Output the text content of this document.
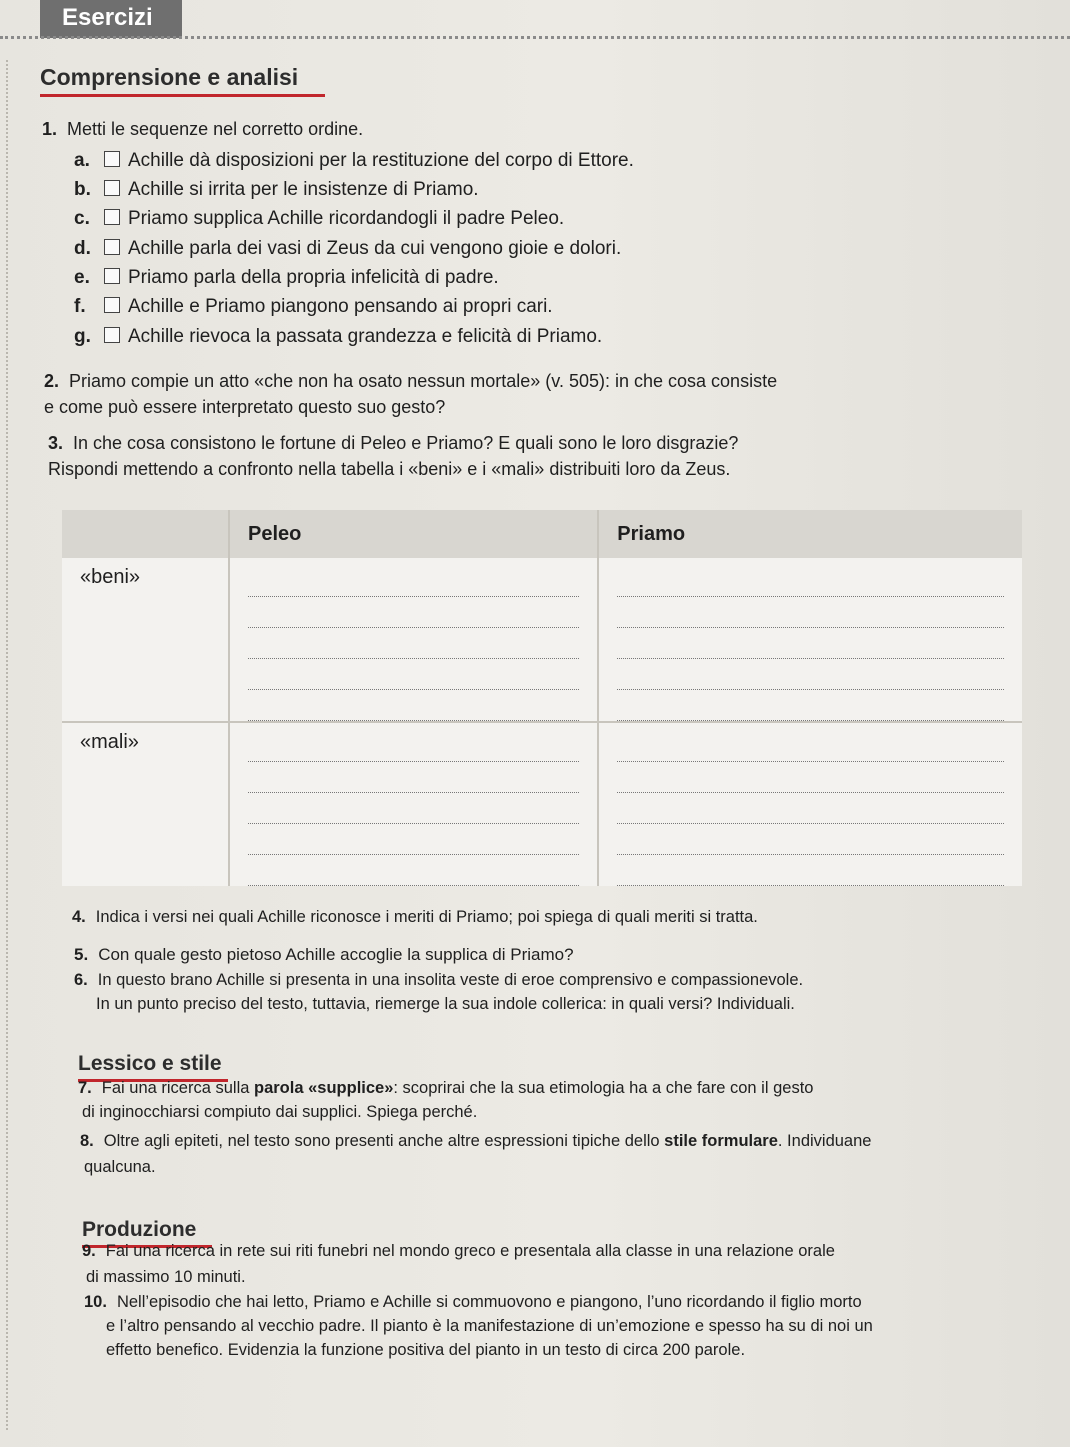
Esercizi
Comprensione e analisi
1. Metti le sequenze nel corretto ordine.
a. Achille dà disposizioni per la restituzione del corpo di Ettore.
b. Achille si irrita per le insistenze di Priamo.
c. Priamo supplica Achille ricordandogli il padre Peleo.
d. Achille parla dei vasi di Zeus da cui vengono gioie e dolori.
e. Priamo parla della propria infelicità di padre.
f. Achille e Priamo piangono pensando ai propri cari.
g. Achille rievoca la passata grandezza e felicità di Priamo.
2. Priamo compie un atto «che non ha osato nessun mortale» (v. 505): in che cosa consiste
e come può essere interpretato questo suo gesto?
3. In che cosa consistono le fortune di Peleo e Priamo? E quali sono le loro disgrazie?
Rispondi mettendo a confronto nella tabella i «beni» e i «mali» distribuiti loro da Zeus.
	Peleo	Priamo
«beni»	

«mali»	

4. Indica i versi nei quali Achille riconosce i meriti di Priamo; poi spiega di quali meriti si tratta.
5. Con quale gesto pietoso Achille accoglie la supplica di Priamo?
6. In questo brano Achille si presenta in una insolita veste di eroe comprensivo e compassionevole.
In un punto preciso del testo, tuttavia, riemerge la sua indole collerica: in quali versi? Individuali.
Lessico e stile
7. Fai una ricerca sulla parola «supplice»: scoprirai che la sua etimologia ha a che fare con il gesto
di inginocchiarsi compiuto dai supplici. Spiega perché.
8. Oltre agli epiteti, nel testo sono presenti anche altre espressioni tipiche dello stile formulare. Individuane
qualcuna.
Produzione
9. Fai una ricerca in rete sui riti funebri nel mondo greco e presentala alla classe in una relazione orale
di massimo 10 minuti.
10. Nell’episodio che hai letto, Priamo e Achille si commuovono e piangono, l’uno ricordando il figlio morto
e l’altro pensando al vecchio padre. Il pianto è la manifestazione di un’emozione e spesso ha su di noi un
effetto benefico. Evidenzia la funzione positiva del pianto in un testo di circa 200 parole.
